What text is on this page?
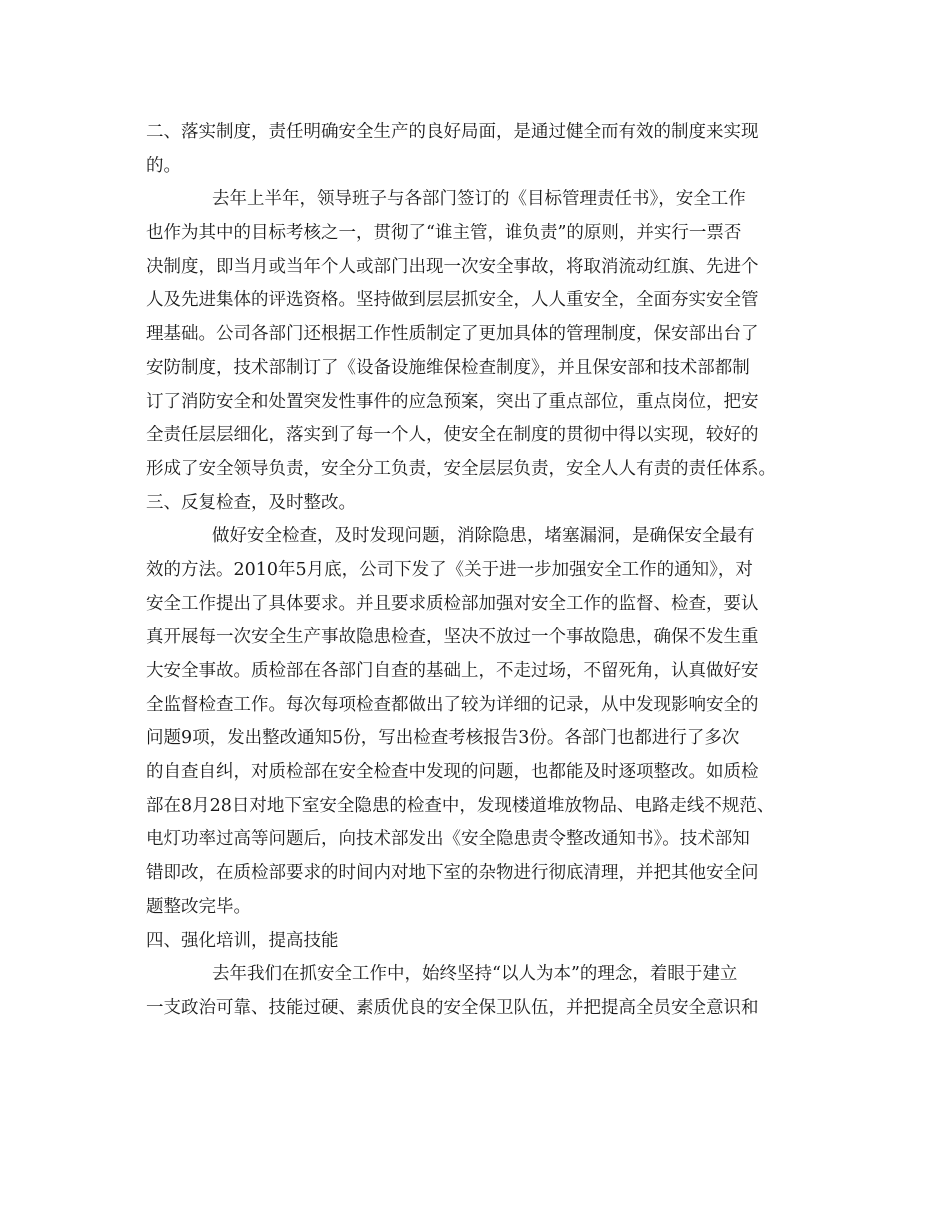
二、落实制度，责任明确安全生产的良好局面，是通过健全而有效的制度来实现
的。
去年上半年，领导班子与各部门签订的《目标管理责任书》，安全工作
也作为其中的目标考核之一，贯彻了“谁主管，谁负责”的原则，并实行一票否
决制度，即当月或当年个人或部门出现一次安全事故，将取消流动红旗、先进个
人及先进集体的评选资格。坚持做到层层抓安全，人人重安全，全面夯实安全管
理基础。公司各部门还根据工作性质制定了更加具体的管理制度，保安部出台了
安防制度，技术部制订了《设备设施维保检查制度》，并且保安部和技术部都制
订了消防安全和处置突发性事件的应急预案，突出了重点部位，重点岗位，把安
全责任层层细化，落实到了每一个人，使安全在制度的贯彻中得以实现，较好的
形成了安全领导负责，安全分工负责，安全层层负责，安全人人有责的责任体系。
三、反复检查，及时整改。
做好安全检查，及时发现问题，消除隐患，堵塞漏洞，是确保安全最有
效的方法。2010年5月底，公司下发了《关于进一步加强安全工作的通知》，对
安全工作提出了具体要求。并且要求质检部加强对安全工作的监督、检查，要认
真开展每一次安全生产事故隐患检查，坚决不放过一个事故隐患，确保不发生重
大安全事故。质检部在各部门自查的基础上，不走过场，不留死角，认真做好安
全监督检查工作。每次每项检查都做出了较为详细的记录，从中发现影响安全的
问题9项，发出整改通知5份，写出检查考核报告3份。各部门也都进行了多次
的自查自纠，对质检部在安全检查中发现的问题，也都能及时逐项整改。如质检
部在8月28日对地下室安全隐患的检查中，发现楼道堆放物品、电路走线不规范、
电灯功率过高等问题后，向技术部发出《安全隐患责令整改通知书》。技术部知
错即改，在质检部要求的时间内对地下室的杂物进行彻底清理，并把其他安全问
题整改完毕。
四、强化培训，提高技能
去年我们在抓安全工作中，始终坚持“以人为本”的理念，着眼于建立
一支政治可靠、技能过硬、素质优良的安全保卫队伍，并把提高全员安全意识和
